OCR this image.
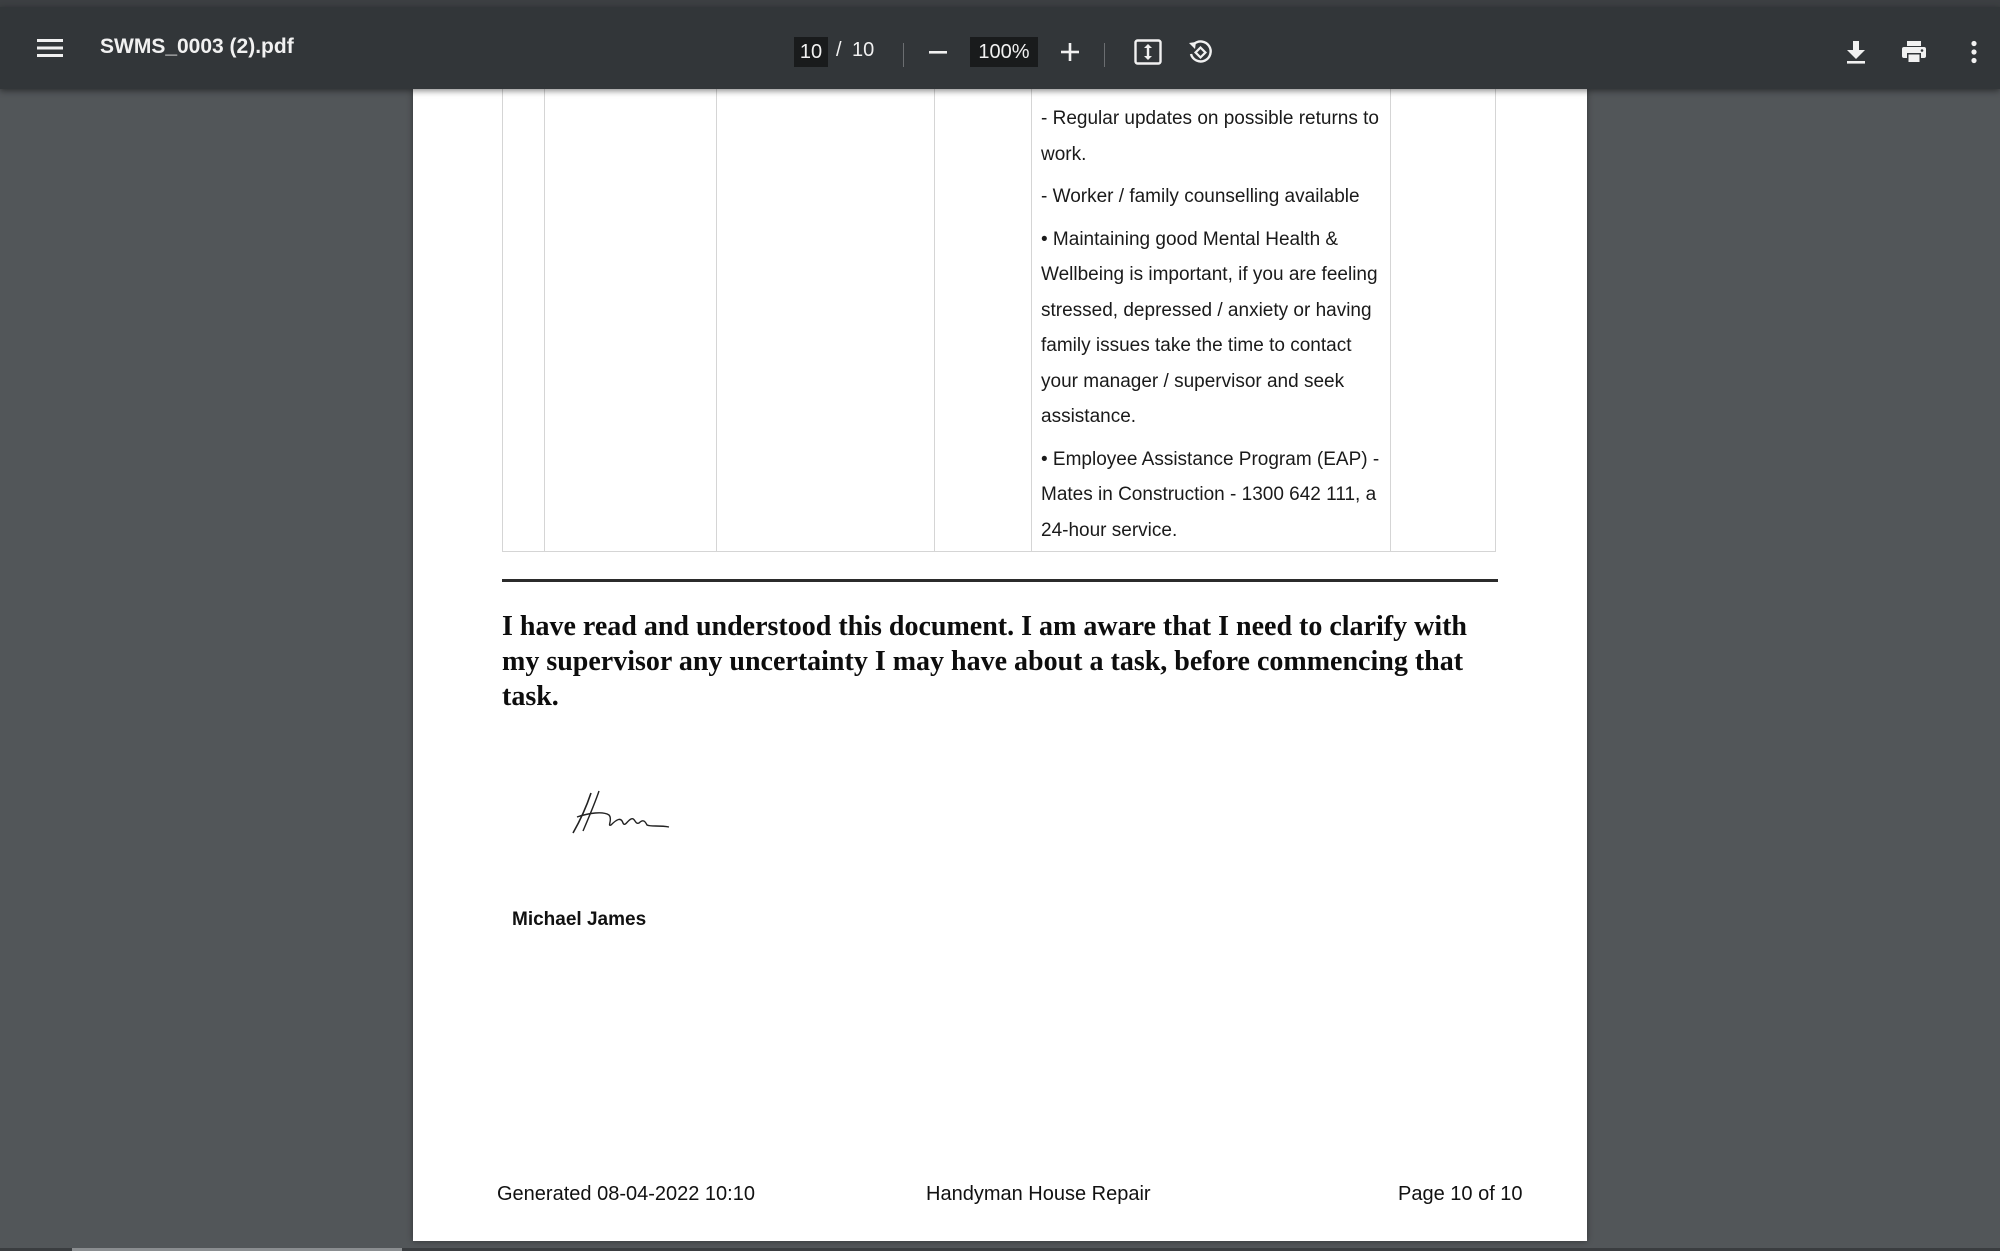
SWMS_0003 (2).pdf	10 / 10	100%

- Regular updates on possible returns to work.

- Worker / family counselling available

• Maintaining good Mental Health & Wellbeing is important, if you are feeling stressed, depressed / anxiety or having family issues take the time to contact your manager / supervisor and seek assistance.

• Employee Assistance Program (EAP) - Mates in Construction - 1300 642 111, a 24-hour service.

I have read and understood this document. I am aware that I need to clarify with my supervisor any uncertainty I may have about a task, before commencing that task.
Michael James
Generated 08-04-2022 10:10	Handyman House Repair	Page 10 of 10
